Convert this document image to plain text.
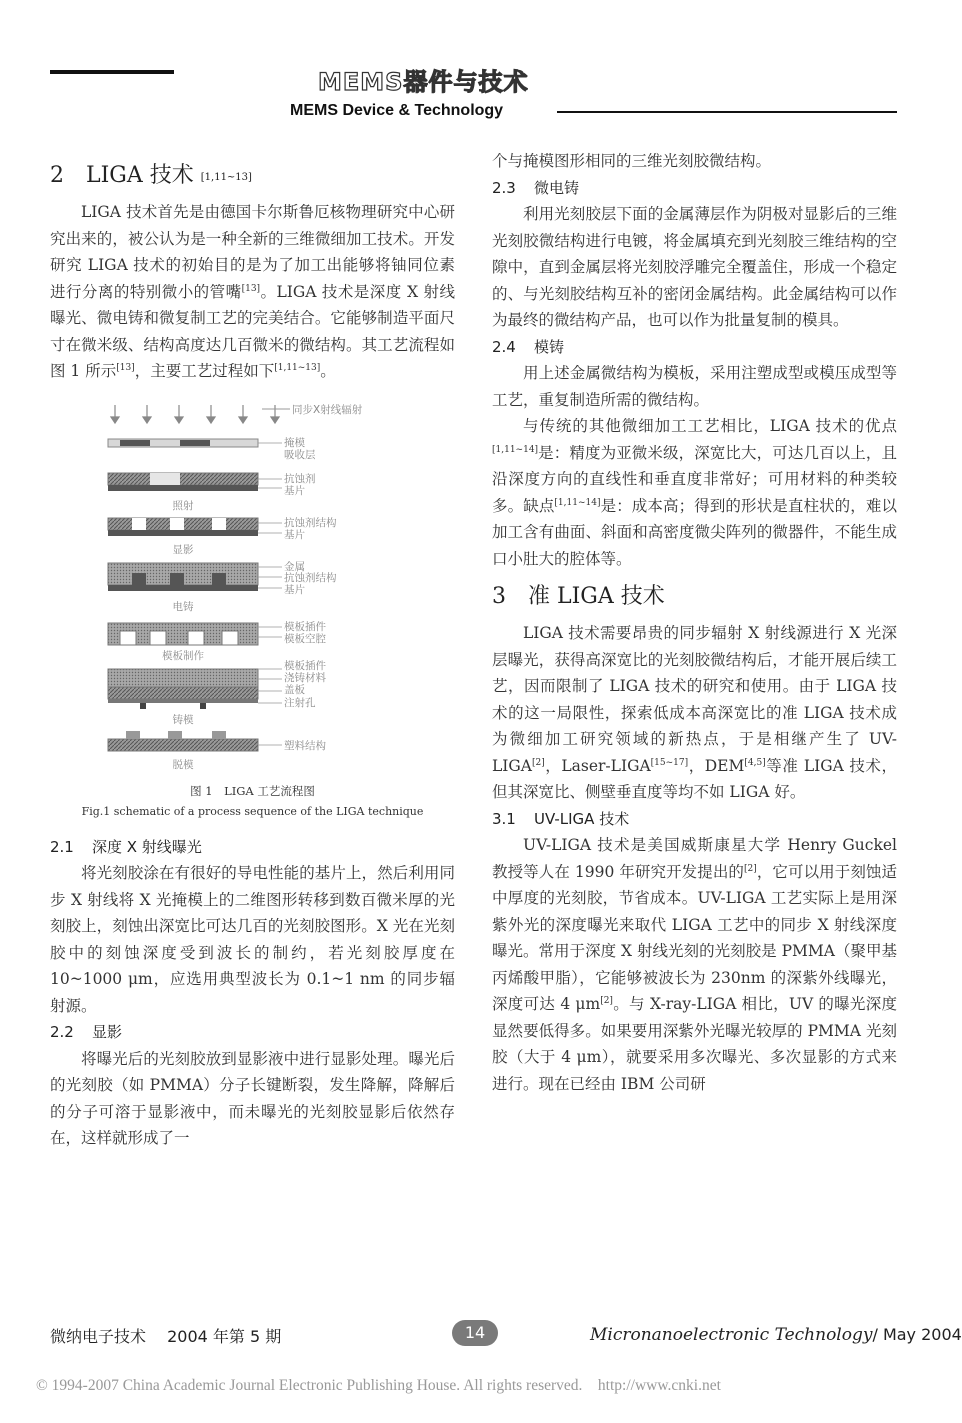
MEMS器件与技术
MEMS Device & Technology
2　LIGA 技术 [1,11~13]

LIGA 技术首先是由德国卡尔斯鲁厄核物理研究中心研究出来的，被公认为是一种全新的三维微细加工技术。开发研究 LIGA 技术的初始目的是为了加工出能够将铀同位素进行分离的特别微小的管嘴[13]。LIGA 技术是深度 X 射线曝光、微电铸和微复制工艺的完美结合。它能够制造平面尺寸在微米级、结构高度达几百微米的微结构。其工艺流程如图 1 所示[13]，主要工艺过程如下[1,11~13]。

同步X射线辐射
掩模
吸收层
抗蚀剂
基片
照射
抗蚀剂结构
基片
显影
金属
抗蚀剂结构
基片
电铸
模板插件
模板空腔
模板制作
模板插件
浇铸材料
盖板
注射孔
铸模
塑料结构
脱模
图 1　LIGA 工艺流程图
Fig.1 schematic of a process sequence of the LIGA technique
2.1 深度 X 射线曝光

将光刻胶涂在有很好的导电性能的基片上，然后利用同步 X 射线将 X 光掩模上的二维图形转移到数百微米厚的光刻胶上，刻蚀出深宽比可达几百的光刻胶图形。X 光在光刻胶中的刻蚀深度受到波长的制约，若光刻胶厚度在 10~1000 μm，应选用典型波长为 0.1~1 nm 的同步辐射源。

2.2 显影

将曝光后的光刻胶放到显影液中进行显影处理。曝光后的光刻胶（如 PMMA）分子长键断裂，发生降解，降解后的分子可溶于显影液中，而未曝光的光刻胶显影后依然存在，这样就形成了一

个与掩模图形相同的三维光刻胶微结构。

2.3 微电铸

利用光刻胶层下面的金属薄层作为阴极对显影后的三维光刻胶微结构进行电镀，将金属填充到光刻胶三维结构的空隙中，直到金属层将光刻胶浮雕完全覆盖住，形成一个稳定的、与光刻胶结构互补的密闭金属结构。此金属结构可以作为最终的微结构产品，也可以作为批量复制的模具。

2.4 模铸

用上述金属微结构为模板，采用注塑成型或模压成型等工艺，重复制造所需的微结构。

与传统的其他微细加工工艺相比，LIGA 技术的优点[1,11~14]是：精度为亚微米级，深宽比大，可达几百以上，且沿深度方向的直线性和垂直度非常好；可用材料的种类较多。缺点[1,11~14]是：成本高；得到的形状是直柱状的，难以加工含有曲面、斜面和高密度微尖阵列的微器件，不能生成口小肚大的腔体等。

3　准 LIGA 技术

LIGA 技术需要昂贵的同步辐射 X 射线源进行 X 光深层曝光，获得高深宽比的光刻胶微结构后，才能开展后续工艺，因而限制了 LIGA 技术的研究和使用。由于 LIGA 技术的这一局限性，探索低成本高深宽比的准 LIGA 技术成为微细加工研究领域的新热点，于是相继产生了 UV-LIGA[2]，Laser-LIGA[15~17]，DEM[4,5]等准 LIGA 技术，但其深宽比、侧壁垂直度等均不如 LIGA 好。

3.1 UV-LIGA 技术

UV-LIGA 技术是美国威斯康星大学 Henry Guckel 教授等人在 1990 年研究开发提出的[2]，它可以用于刻蚀适中厚度的光刻胶，节省成本。UV-LIGA 工艺实际上是用深紫外光的深度曝光来取代 LIGA 工艺中的同步 X 射线深度曝光。常用于深度 X 射线光刻的光刻胶是 PMMA（聚甲基丙烯酸甲脂），它能够被波长为 230nm 的深紫外线曝光，深度可达 4 μm[2]。与 X-ray-LIGA 相比，UV 的曝光深度显然要低得多。如果要用深紫外光曝光较厚的 PMMA 光刻胶（大于 4 μm），就要采用多次曝光、多次显影的方式来进行。现在已经由 IBM 公司研

微纳电子技术　 2004 年第 5 期	14	Micronanoelectronic Technology/ May 2004
© 1994-2007 China Academic Journal Electronic Publishing House. All rights reserved.　http://www.cnki.net
